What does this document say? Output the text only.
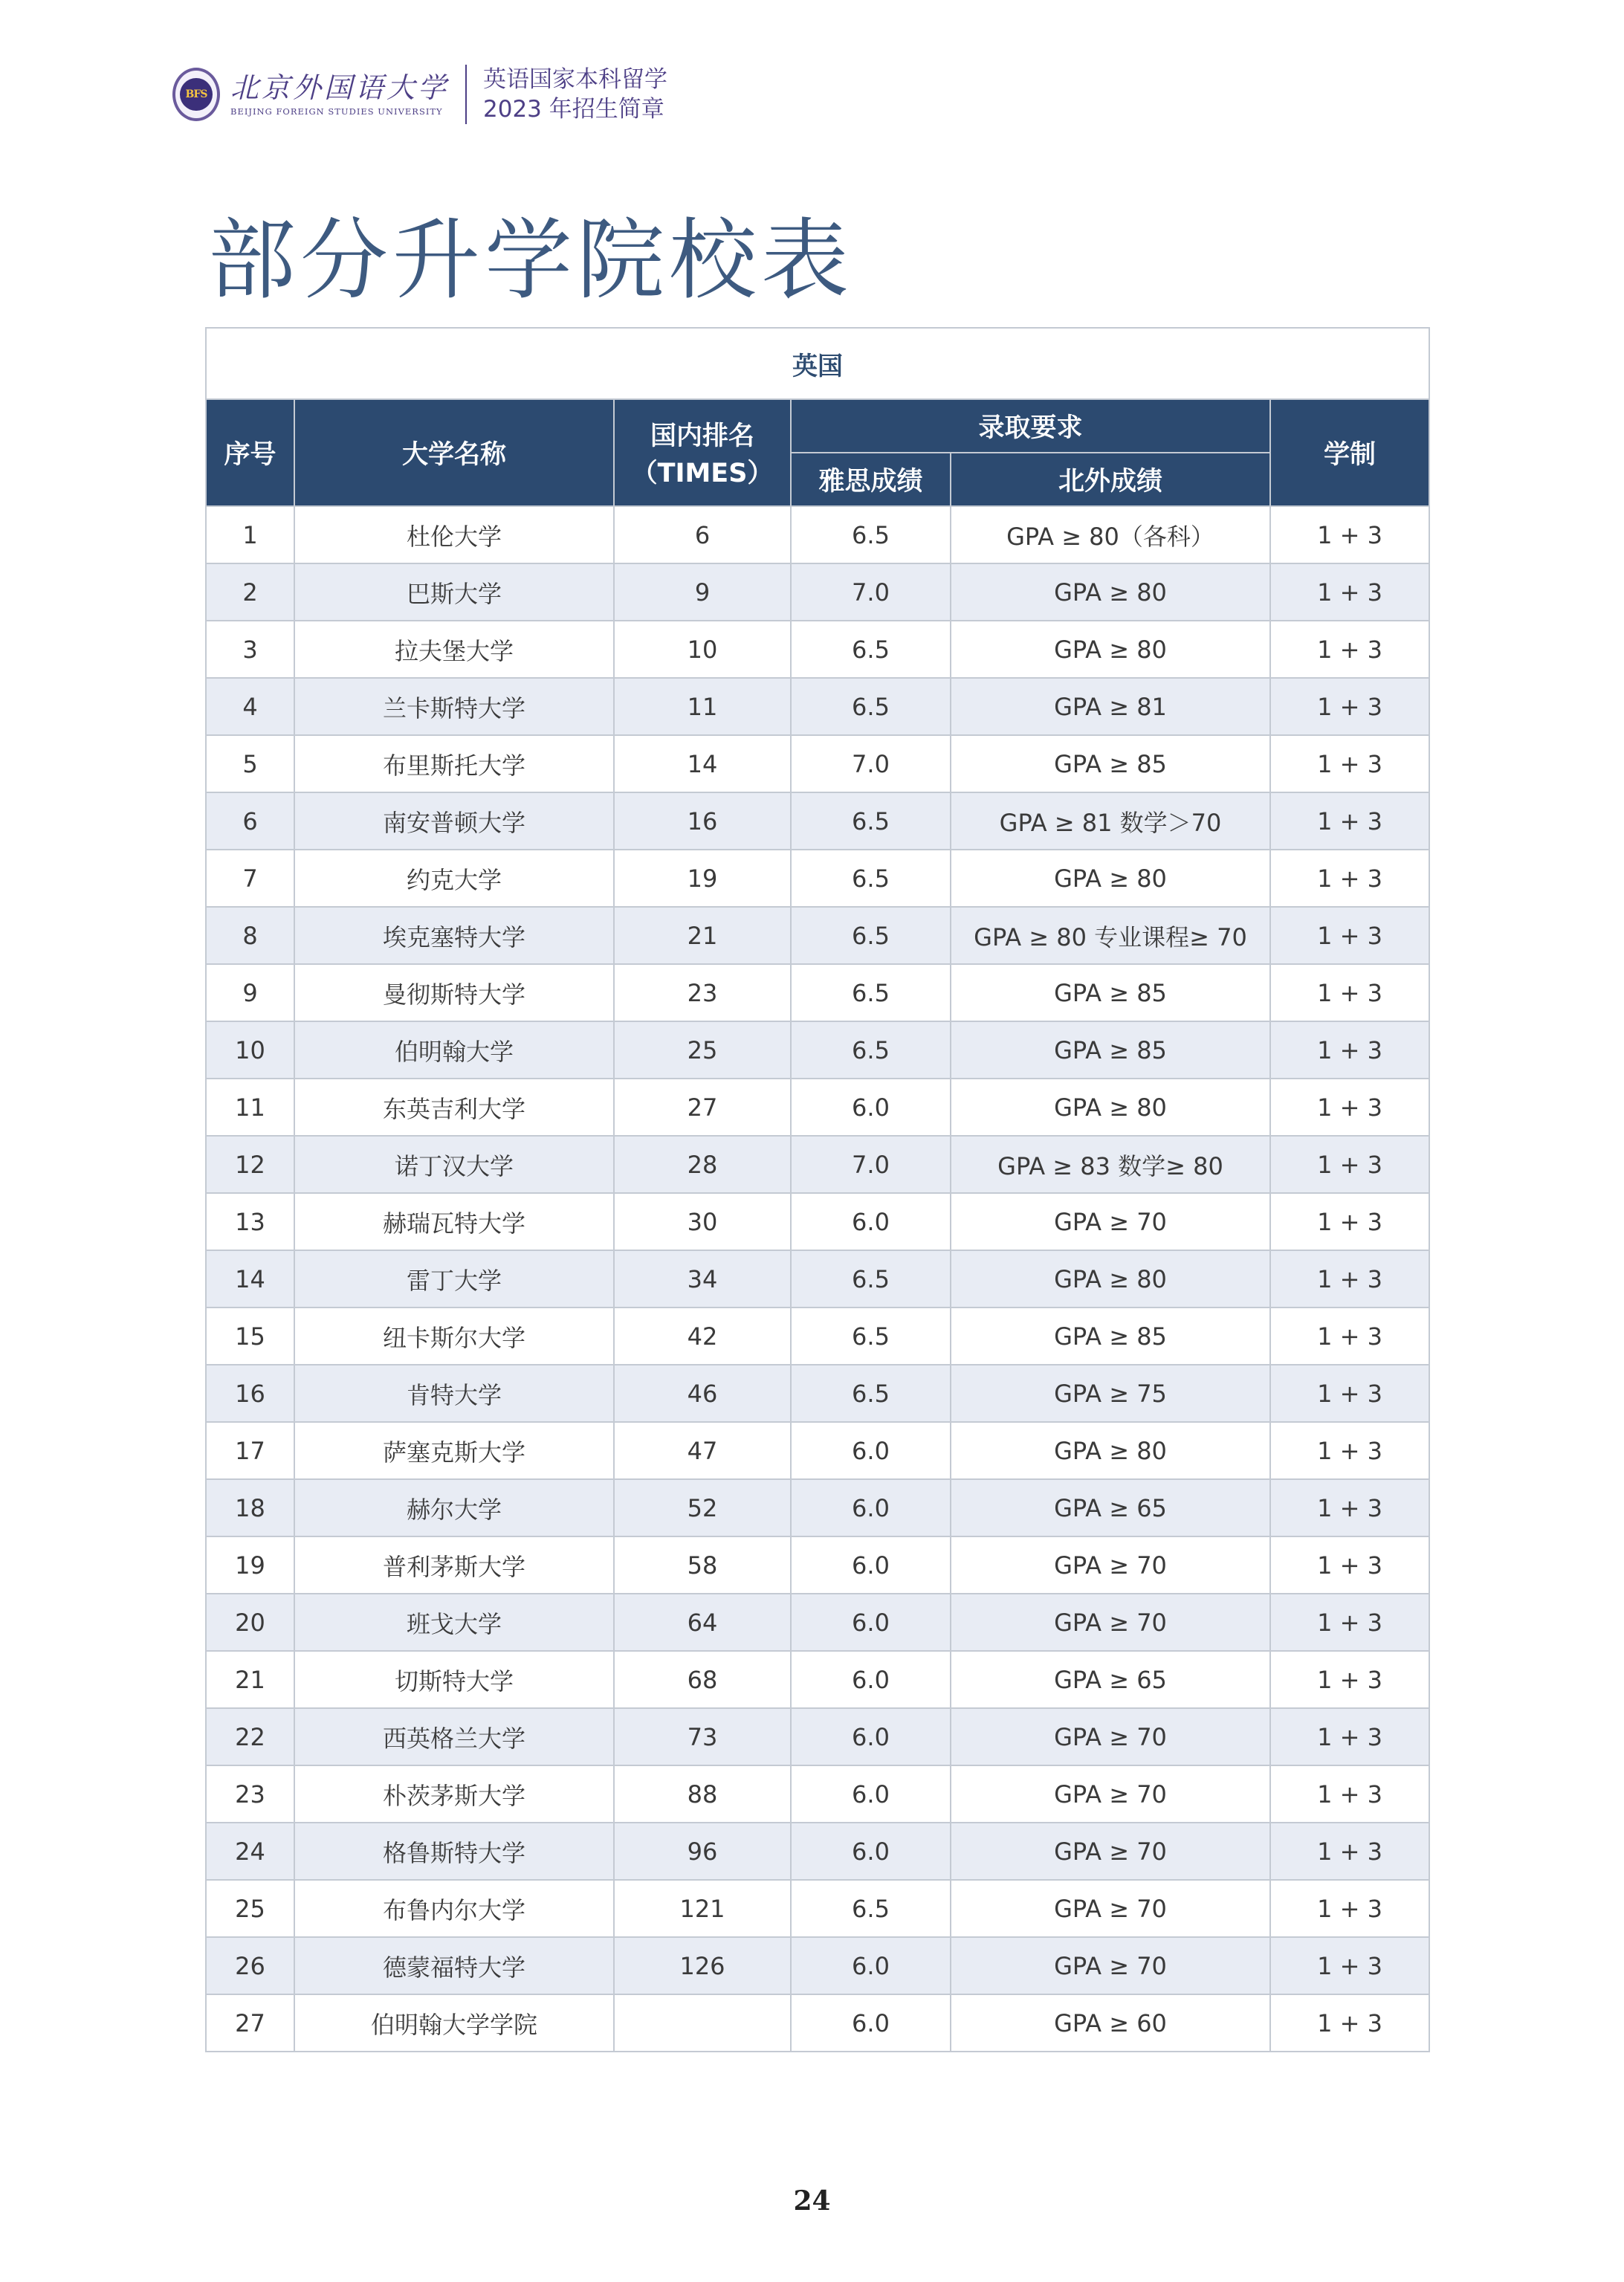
BFS 北京外国语大学
BEIJING FOREIGN STUDIES UNIVERSITY
英语国家本科留学
2023 年招生简章
部分升学院校表
英国					
序号	大学名称	国内排名
（TIMES）	录取要求		学制
			雅思成绩	北外成绩	
1	杜伦大学	6	6.5	GPA ≥ 80（各科）	1 + 3
2	巴斯大学	9	7.0	GPA ≥ 80	1 + 3
3	拉夫堡大学	10	6.5	GPA ≥ 80	1 + 3
4	兰卡斯特大学	11	6.5	GPA ≥ 81	1 + 3
5	布里斯托大学	14	7.0	GPA ≥ 85	1 + 3
6	南安普顿大学	16	6.5	GPA ≥ 81 数学＞70	1 + 3
7	约克大学	19	6.5	GPA ≥ 80	1 + 3
8	埃克塞特大学	21	6.5	GPA ≥ 80 专业课程≥ 70	1 + 3
9	曼彻斯特大学	23	6.5	GPA ≥ 85	1 + 3
10	伯明翰大学	25	6.5	GPA ≥ 85	1 + 3
11	东英吉利大学	27	6.0	GPA ≥ 80	1 + 3
12	诺丁汉大学	28	7.0	GPA ≥ 83 数学≥ 80	1 + 3
13	赫瑞瓦特大学	30	6.0	GPA ≥ 70	1 + 3
14	雷丁大学	34	6.5	GPA ≥ 80	1 + 3
15	纽卡斯尔大学	42	6.5	GPA ≥ 85	1 + 3
16	肯特大学	46	6.5	GPA ≥ 75	1 + 3
17	萨塞克斯大学	47	6.0	GPA ≥ 80	1 + 3
18	赫尔大学	52	6.0	GPA ≥ 65	1 + 3
19	普利茅斯大学	58	6.0	GPA ≥ 70	1 + 3
20	班戈大学	64	6.0	GPA ≥ 70	1 + 3
21	切斯特大学	68	6.0	GPA ≥ 65	1 + 3
22	西英格兰大学	73	6.0	GPA ≥ 70	1 + 3
23	朴茨茅斯大学	88	6.0	GPA ≥ 70	1 + 3
24	格鲁斯特大学	96	6.0	GPA ≥ 70	1 + 3
25	布鲁内尔大学	121	6.5	GPA ≥ 70	1 + 3
26	德蒙福特大学	126	6.0	GPA ≥ 70	1 + 3
27	伯明翰大学学院		6.0	GPA ≥ 60	1 + 3
24
